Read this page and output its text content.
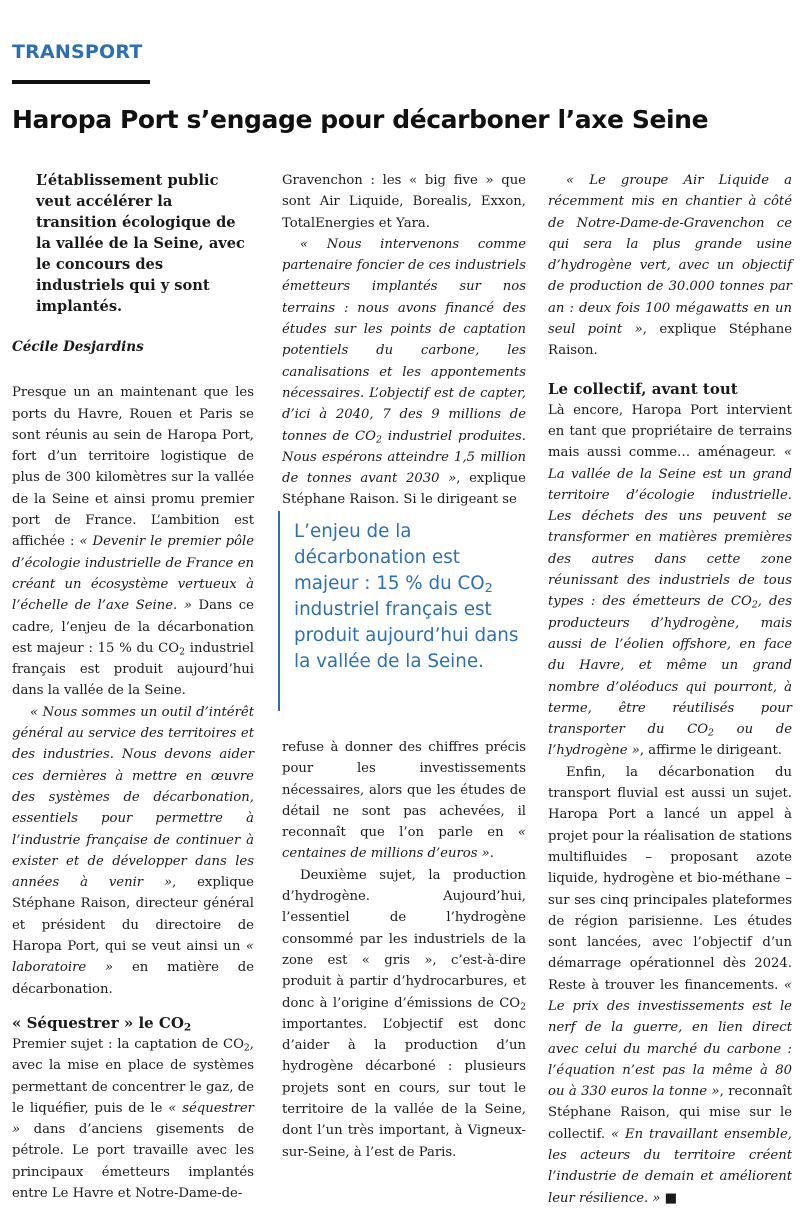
TRANSPORT
Haropa Port s’engage pour décarboner l’axe Seine

L’établissement public veut accélérer la transition écologique de la vallée de la Seine, avec le concours des industriels qui y sont implantés.

Cécile Desjardins

Presque un an maintenant que les ports du Havre, Rouen et Paris se sont réunis au sein de Haropa Port, fort d’un territoire logistique de plus de 300 kilomètres sur la vallée de la Seine et ainsi promu premier port de France. L’ambition est affichée : « Devenir le premier pôle d’écologie industrielle de France en créant un écosystème vertueux à l’échelle de l’axe Seine. » Dans ce cadre, l’enjeu de la décarbonation est majeur : 15 % du $CO_2$ industriel français est produit aujourd’hui dans la vallée de la Seine.

« Nous sommes un outil d’intérêt général au service des territoires et des industries. Nous devons aider ces dernières à mettre en œuvre des systèmes de décarbonation, essentiels pour permettre à l’industrie française de continuer à exister et de développer dans les années à venir », explique Stéphane Raison, directeur général et président du directoire de Haropa Port, qui se veut ainsi un « laboratoire » en matière de décarbonation.

« Séquestrer » le $CO_2$

Premier sujet : la captation de $CO_2$, avec la mise en place de systèmes permettant de concentrer le gaz, de le liquéfier, puis de le « séquestrer » dans d’anciens gisements de pétrole. Le port travaille avec les principaux émetteurs implantés entre Le Havre et Notre-Dame-de-

Gravenchon : les « big five » que sont Air Liquide, Borealis, Exxon, TotalEnergies et Yara.

« Nous intervenons comme partenaire foncier de ces industriels émetteurs implantés sur nos terrains : nous avons financé des études sur les points de captation potentiels du carbone, les canalisations et les appontements nécessaires. L’objectif est de capter, d’ici à 2040, 7 des 9 millions de tonnes de $CO_2$ industriel produites. Nous espérons atteindre 1,5 million de tonnes avant 2030 », explique Stéphane Raison. Si le dirigeant se

L’enjeu de la décarbonation est majeur : 15 % du $CO_2$ industriel français est produit aujourd’hui dans la vallée de la Seine.

refuse à donner des chiffres précis pour les investissements nécessaires, alors que les études de détail ne sont pas achevées, il reconnaît que l’on parle en « centaines de millions d’euros ».

Deuxième sujet, la production d’hydrogène. Aujourd’hui, l’essentiel de l’hydrogène consommé par les industriels de la zone est « gris », c’est-à-dire produit à partir d’hydrocarbures, et donc à l’origine d’émissions de $CO_2$ importantes. L’objectif est donc d’aider à la production d’un hydrogène décarboné : plusieurs projets sont en cours, sur tout le territoire de la vallée de la Seine, dont l’un très important, à Vigneux-sur-Seine, à l’est de Paris.

« Le groupe Air Liquide a récemment mis en chantier à côté de Notre-Dame-de-Gravenchon ce qui sera la plus grande usine d’hydrogène vert, avec un objectif de production de 30.000 tonnes par an : deux fois 100 mégawatts en un seul point », explique Stéphane Raison.

Le collectif, avant tout

Là encore, Haropa Port intervient en tant que propriétaire de terrains mais aussi comme… aménageur. « La vallée de la Seine est un grand territoire d’écologie industrielle. Les déchets des uns peuvent se transformer en matières premières des autres dans cette zone réunissant des industriels de tous types : des émetteurs de $CO_2$, des producteurs d’hydrogène, mais aussi de l’éolien offshore, en face du Havre, et même un grand nombre d’oléoducs qui pourront, à terme, être réutilisés pour transporter du $CO_2$ ou de l’hydrogène », affirme le dirigeant.

Enfin, la décarbonation du transport fluvial est aussi un sujet. Haropa Port a lancé un appel à projet pour la réalisation de stations multifluides – proposant azote liquide, hydrogène et bio-méthane – sur ses cinq principales plateformes de région parisienne. Les études sont lancées, avec l’objectif d’un démarrage opérationnel dès 2024. Reste à trouver les financements. « Le prix des investissements est le nerf de la guerre, en lien direct avec celui du marché du carbone : l’équation n’est pas la même à 80 ou à 330 euros la tonne », reconnaît Stéphane Raison, qui mise sur le collectif. « En travaillant ensemble, les acteurs du territoire créent l’industrie de demain et améliorent leur résilience. » ■
